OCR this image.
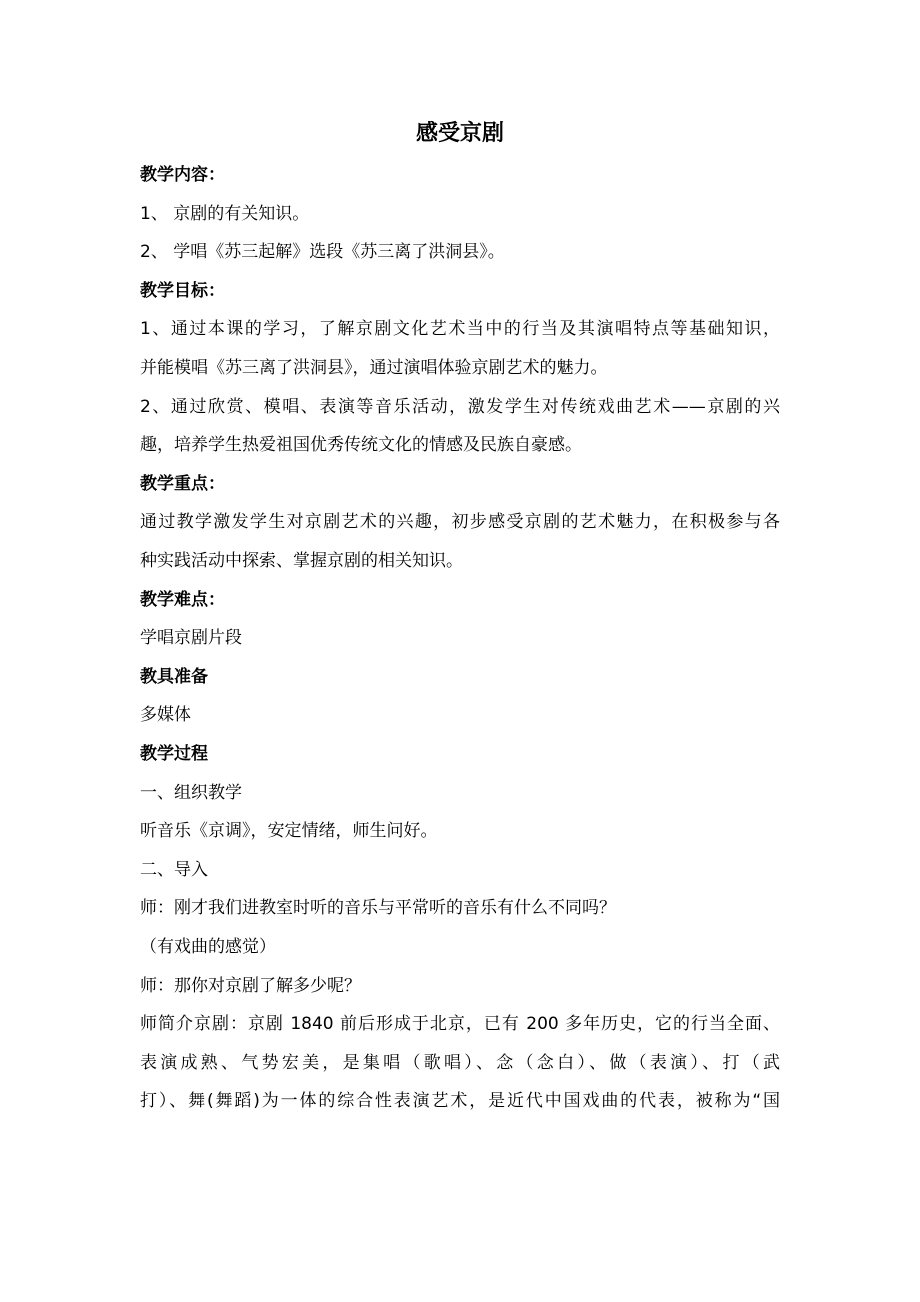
感受京剧
教学内容：
1、 京剧的有关知识。
2、 学唱《苏三起解》选段《苏三离了洪洞县》。
教学目标：
1、通过本课的学习，了解京剧文化艺术当中的行当及其演唱特点等基础知识，
并能模唱《苏三离了洪洞县》，通过演唱体验京剧艺术的魅力。
2、通过欣赏、模唱、表演等音乐活动，激发学生对传统戏曲艺术——京剧的兴
趣，培养学生热爱祖国优秀传统文化的情感及民族自豪感。
教学重点：
通过教学激发学生对京剧艺术的兴趣，初步感受京剧的艺术魅力，在积极参与各
种实践活动中探索、掌握京剧的相关知识。
教学难点：
学唱京剧片段
教具准备
多媒体
教学过程
一、组织教学
听音乐《京调》，安定情绪，师生问好。
二、导入
师：刚才我们进教室时听的音乐与平常听的音乐有什么不同吗？
（有戏曲的感觉）
师：那你对京剧了解多少呢？
师简介京剧：京剧 1840 前后形成于北京，已有 200 多年历史，它的行当全面、
表演成熟、气势宏美，是集唱（歌唱）、念（念白）、做（表演）、打（武
打）、舞(舞蹈)为一体的综合性表演艺术，是近代中国戏曲的代表，被称为“国
